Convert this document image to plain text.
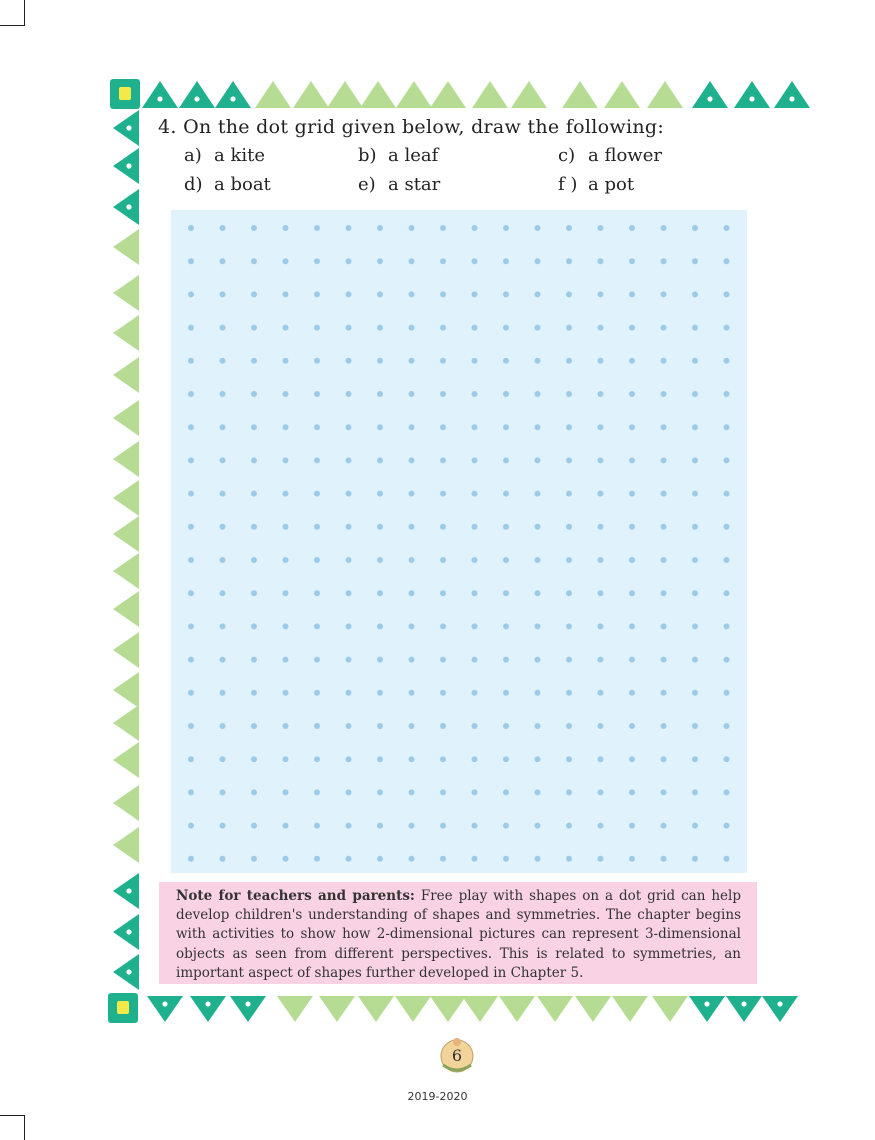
4. On the dot grid given below, draw the following:

a) a kite	b) a leaf	c) a flower
d) a boat	e) a star	f ) a pot
Note for teachers and parents: Free play with shapes on a dot grid can help develop children's understanding of shapes and symmetries. The chapter begins with activities to show how 2-dimensional pictures can represent 3-dimensional objects as seen from different perspectives. This is related to symmetries, an important aspect of shapes further developed in Chapter 5.
6
2019-2020
